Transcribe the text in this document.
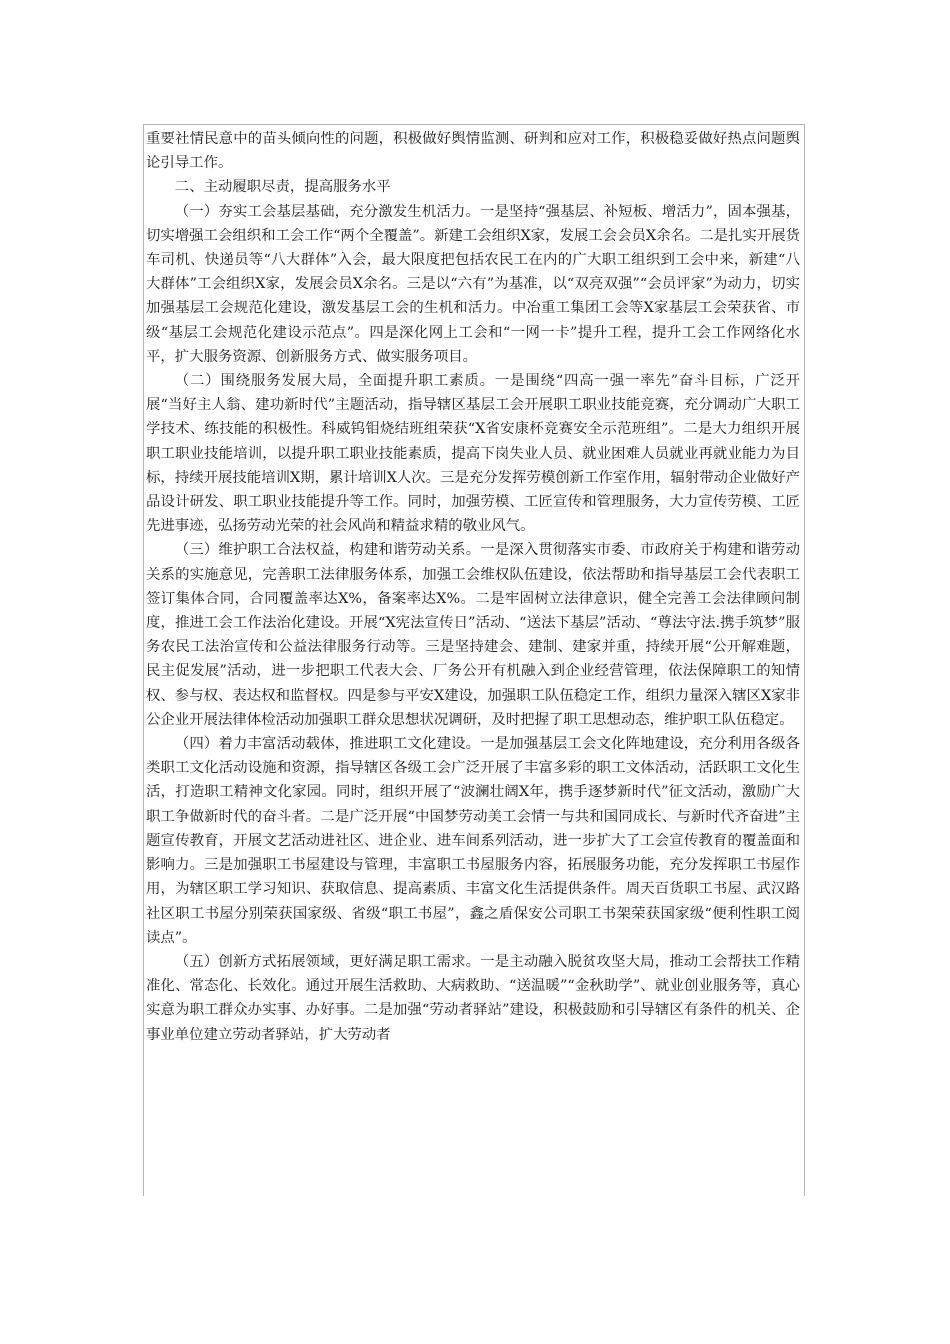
重要社情民意中的苗头倾向性的问题，积极做好舆情监测、研判和应对工作，积极稳妥做好热点问题舆论引导工作。

二、主动履职尽责，提高服务水平

（一）夯实工会基层基础，充分激发生机活力。一是坚持“强基层、补短板、增活力”，固本强基，切实增强工会组织和工会工作“两个全覆盖”。新建工会组织X家，发展工会会员X余名。二是扎实开展货车司机、快递员等“八大群体”入会，最大限度把包括农民工在内的广大职工组织到工会中来，新建“八大群体”工会组织X家，发展会员X余名。三是以“六有”为基准，以“双亮双强”“会员评家”为动力，切实加强基层工会规范化建设，激发基层工会的生机和活力。中冶重工集团工会等X家基层工会荣获省、市级“基层工会规范化建设示范点”。四是深化网上工会和“一网一卡”提升工程，提升工会工作网络化水平，扩大服务资源、创新服务方式、做实服务项目。

（二）围绕服务发展大局，全面提升职工素质。一是围绕“四高一强一率先”奋斗目标，广泛开展“当好主人翁、建功新时代”主题活动，指导辖区基层工会开展职工职业技能竞赛，充分调动广大职工学技术、练技能的积极性。科威钨钼烧结班组荣获“X省安康杯竞赛安全示范班组”。二是大力组织开展职工职业技能培训，以提升职工职业技能素质，提高下岗失业人员、就业困难人员就业再就业能力为目标，持续开展技能培训X期，累计培训X人次。三是充分发挥劳模创新工作室作用，辐射带动企业做好产品设计研发、职工职业技能提升等工作。同时，加强劳模、工匠宣传和管理服务，大力宣传劳模、工匠先进事迹，弘扬劳动光荣的社会风尚和精益求精的敬业风气。

（三）维护职工合法权益，构建和谐劳动关系。一是深入贯彻落实市委、市政府关于构建和谐劳动关系的实施意见，完善职工法律服务体系，加强工会维权队伍建设，依法帮助和指导基层工会代表职工签订集体合同，合同覆盖率达X%，备案率达X%。二是牢固树立法律意识，健全完善工会法律顾问制度，推进工会工作法治化建设。开展“X宪法宣传日”活动、“送法下基层”活动、“尊法守法.携手筑梦”服务农民工法治宣传和公益法律服务行动等。三是坚持建会、建制、建家并重，持续开展“公开解难题，民主促发展”活动，进一步把职工代表大会、厂务公开有机融入到企业经营管理，依法保障职工的知情权、参与权、表达权和监督权。四是参与平安X建设，加强职工队伍稳定工作，组织力量深入辖区X家非公企业开展法律体检活动加强职工群众思想状况调研，及时把握了职工思想动态，维护职工队伍稳定。

（四）着力丰富活动载体，推进职工文化建设。一是加强基层工会文化阵地建设，充分利用各级各类职工文化活动设施和资源，指导辖区各级工会广泛开展了丰富多彩的职工文体活动，活跃职工文化生活，打造职工精神文化家园。同时，组织开展了“波澜壮阔X年，携手逐梦新时代”征文活动，激励广大职工争做新时代的奋斗者。二是广泛开展“中国梦劳动美工会情一与共和国同成长、与新时代齐奋进”主题宣传教育，开展文艺活动进社区、进企业、进车间系列活动，进一步扩大了工会宣传教育的覆盖面和影响力。三是加强职工书屋建设与管理，丰富职工书屋服务内容，拓展服务功能，充分发挥职工书屋作用，为辖区职工学习知识、获取信息、提高素质、丰富文化生活提供条件。周天百货职工书屋、武汉路社区职工书屋分别荣获国家级、省级“职工书屋”，鑫之盾保安公司职工书架荣获国家级“便利性职工阅读点”。

（五）创新方式拓展领域，更好满足职工需求。一是主动融入脱贫攻坚大局，推动工会帮扶工作精准化、常态化、长效化。通过开展生活救助、大病救助、“送温暖”“金秋助学”、就业创业服务等，真心实意为职工群众办实事、办好事。二是加强“劳动者驿站”建设，积极鼓励和引导辖区有条件的机关、企事业单位建立劳动者驿站，扩大劳动者
